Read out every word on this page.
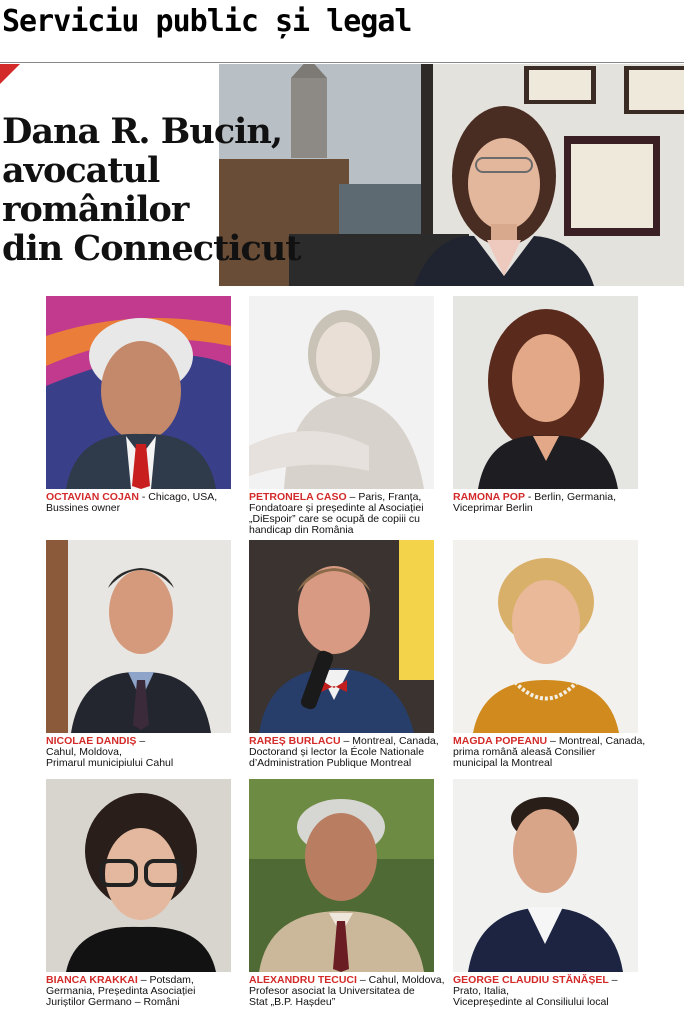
Serviciu public și legal
Dana R. Bucin,
avocatul
românilor
din Connecticut
OCTAVIAN COJAN - Chicago, USA,
Bussines owner
PETRONELA CASO – Paris, Franța,
Fondatoare și președinte al Asociației
„DiEspoir” care se ocupă de copiii cu
handicap din România
RAMONA POP - Berlin, Germania,
Viceprimar Berlin
NICOLAE DANDIȘ –
Cahul, Moldova,
Primarul municipiului Cahul
RAREȘ BURLACU – Montreal, Canada,
Doctorand și lector la École Nationale
d’Administration Publique Montreal
MAGDA POPEANU – Montreal, Canada,
prima română aleasă Consilier
municipal la Montreal
BIANCA KRAKKAI – Potsdam,
Germania, Președinta Asociației
Juriștilor Germano – Români
ALEXANDRU TECUCI – Cahul, Moldova,
Profesor asociat la Universitatea de
Stat „B.P. Hașdeu”
GEORGE CLAUDIU STĂNĂȘEL –
Prato, Italia,
Vicepreședinte al Consiliului local
